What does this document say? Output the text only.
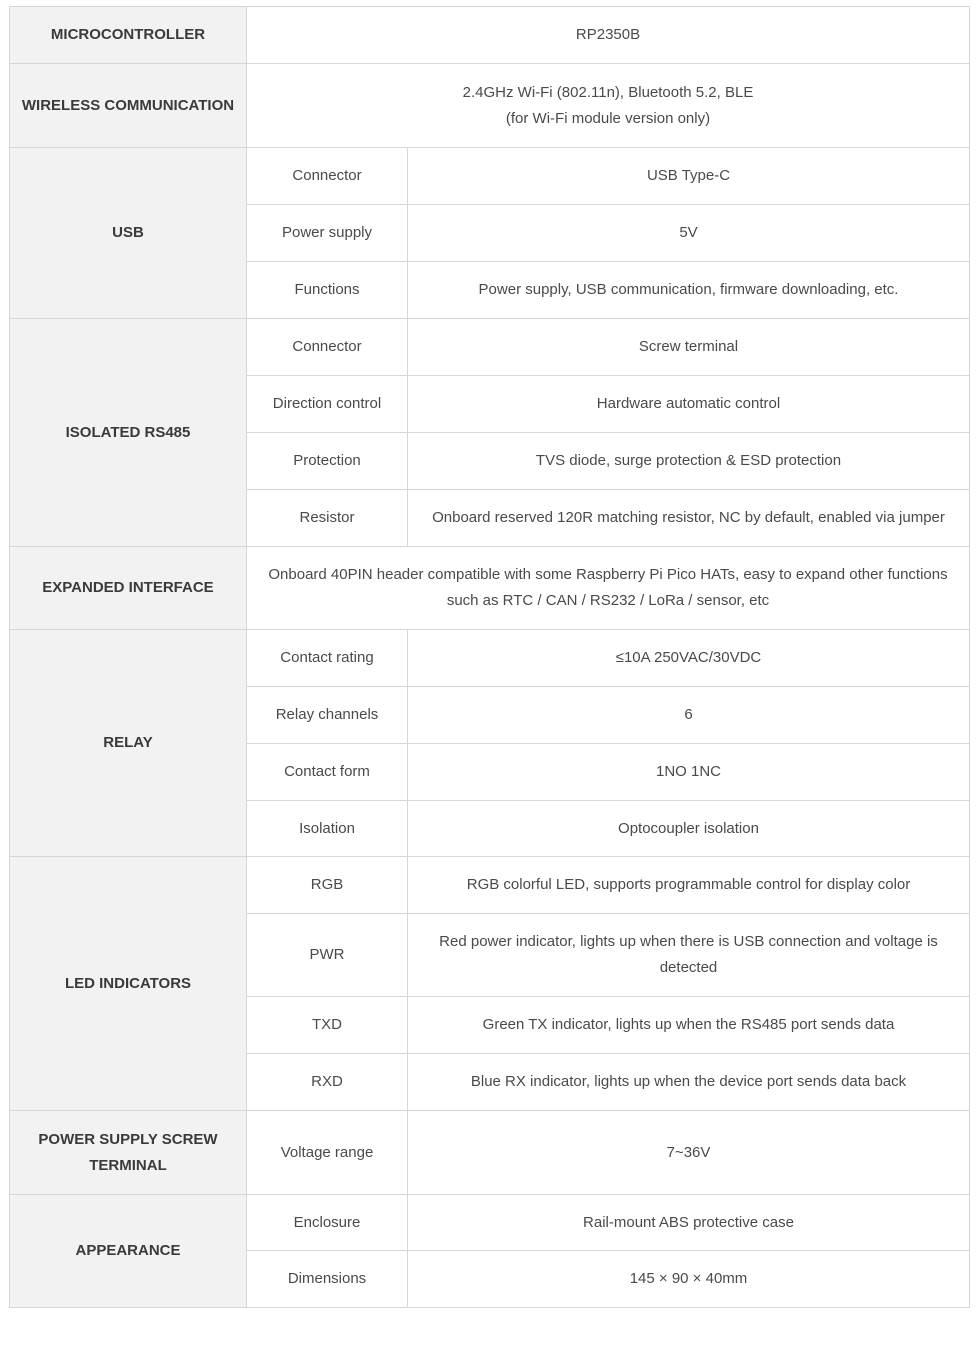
MICROCONTROLLER	RP2350B	
WIRELESS COMMUNICATION	2.4GHz Wi-Fi (802.11n), Bluetooth 5.2, BLE
(for Wi-Fi module version only)	
USB	Connector	USB Type-C
	Power supply	5V
	Functions	Power supply, USB communication, firmware downloading, etc.
ISOLATED RS485	Connector	Screw terminal
	Direction control	Hardware automatic control
	Protection	TVS diode, surge protection & ESD protection
	Resistor	Onboard reserved 120R matching resistor, NC by default, enabled via jumper
EXPANDED INTERFACE	Onboard 40PIN header compatible with some Raspberry Pi Pico HATs, easy to expand other functions
such as RTC / CAN / RS232 / LoRa / sensor, etc	
RELAY	Contact rating	≤10A 250VAC/30VDC
	Relay channels	6
	Contact form	1NO 1NC
	Isolation	Optocoupler isolation
LED INDICATORS	RGB	RGB colorful LED, supports programmable control for display color
	PWR	Red power indicator, lights up when there is USB connection and voltage is
detected
	TXD	Green TX indicator, lights up when the RS485 port sends data
	RXD	Blue RX indicator, lights up when the device port sends data back
POWER SUPPLY SCREW
TERMINAL	Voltage range	7~36V
APPEARANCE	Enclosure	Rail-mount ABS protective case
	Dimensions	145 × 90 × 40mm
